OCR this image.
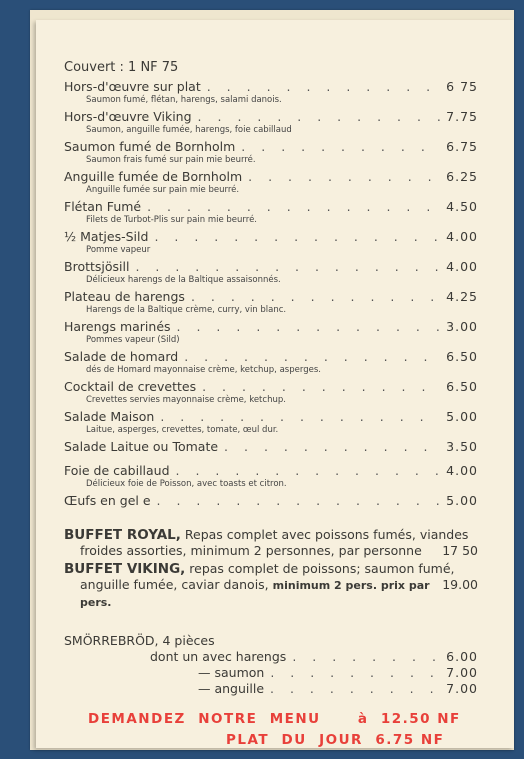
Couvert : 1 NF 75
Hors-d'œuvre sur plat . . .	6 75
Saumon fumé, flétan, harengs, salami danois.
Hors-d'œuvre Viking . . .	7.75
Saumon, anguille fumée, harengs, foie cabillaud
Saumon fumé de Bornholm . . .	6.75
Saumon frais fumé sur pain mie beurré.
Anguille fumée de Bornholm . . .	6.25
Anguille fumée sur pain mie beurré.
Flétan Fumé . . .	4.50
Filets de Turbot-Plis sur pain mie beurré.
½ Matjes-Sild . . .	4.00
Pomme vapeur
Brottsjösill . . .	4.00
Délicieux harengs de la Baltique assaisonnés.
Plateau de harengs . . .	4.25
Harengs de la Baltique crème, curry, vin blanc.
Harengs marinés . . .	3.00
Pommes vapeur (Sild)
Salade de homard . . .	6.50
dés de Homard mayonnaise crème, ketchup, asperges.
Cocktail de crevettes . . .	6.50
Crevettes servies mayonnaise crème, ketchup.
Salade Maison . . .	5.00
Laitue, asperges, crevettes, tomate, œul dur.
Salade Laitue ou Tomate . . .	3.50
Foie de cabillaud . . .	4.00
Délicieux foie de Poisson, avec toasts et citron.
Œufs en gel e . . .	5.00
BUFFET ROYAL, Repas complet avec poissons fumés, viandes
froides assorties, minimum 2 personnes, par personne 17 50
BUFFET VIKING, repas complet de poissons; saumon fumé,
anguille fumée, caviar danois, minimum 2 pers. prix par pers.
19.00
SMÖRREBRÖD, 4 pièces
dont un avec harengs . . .	6.00
— saumon . . .	7.00
— anguille . . .	7.00
DEMANDEZ  NOTRE  MENU      à  12.50 NF
PLAT  DU  JOUR  6.75 NF
